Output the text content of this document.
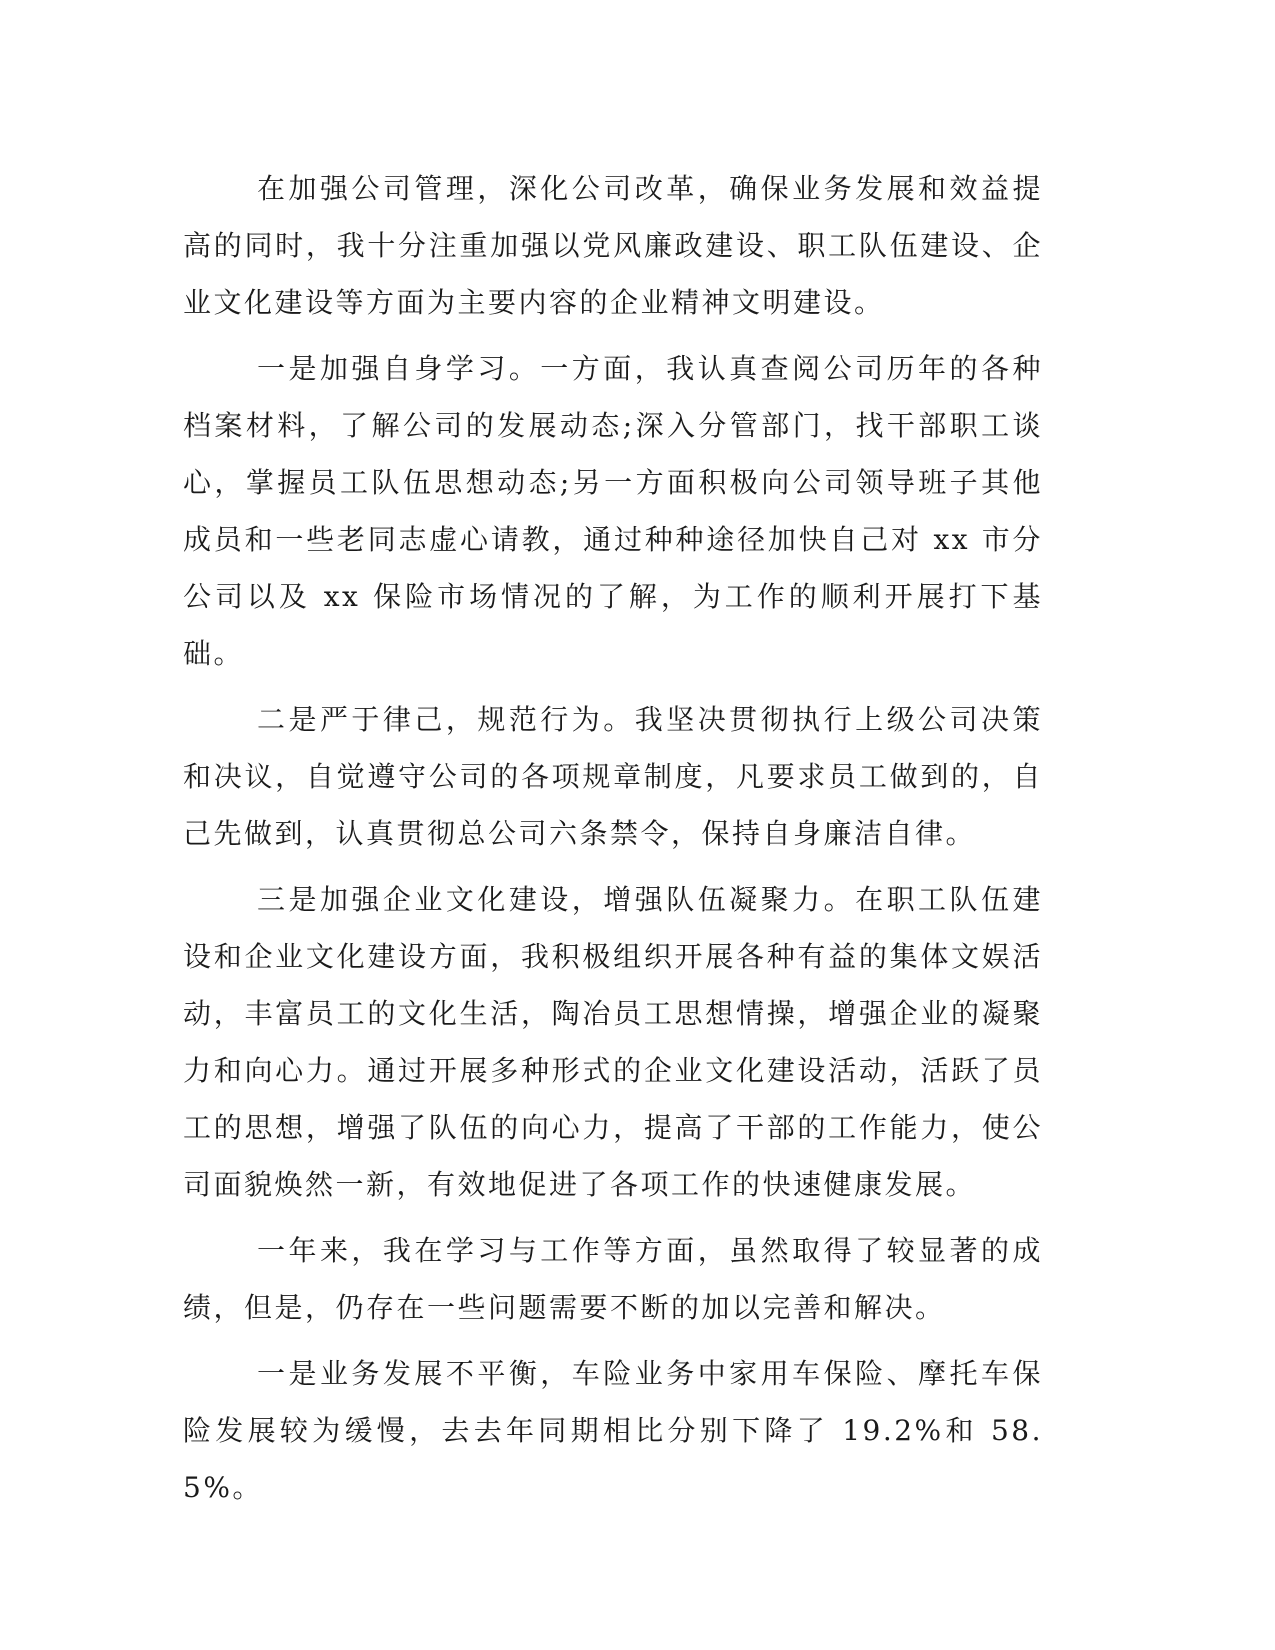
在加强公司管理，深化公司改革，确保业务发展和效益提高的同时，我十分注重加强以党风廉政建设、职工队伍建设、企业文化建设等方面为主要内容的企业精神文明建设。

一是加强自身学习。一方面，我认真查阅公司历年的各种档案材料，了解公司的发展动态;深入分管部门，找干部职工谈心，掌握员工队伍思想动态;另一方面积极向公司领导班子其他成员和一些老同志虚心请教，通过种种途径加快自己对 xx 市分公司以及 xx 保险市场情况的了解，为工作的顺利开展打下基础。

二是严于律己，规范行为。我坚决贯彻执行上级公司决策和决议，自觉遵守公司的各项规章制度，凡要求员工做到的，自己先做到，认真贯彻总公司六条禁令，保持自身廉洁自律。

三是加强企业文化建设，增强队伍凝聚力。在职工队伍建设和企业文化建设方面，我积极组织开展各种有益的集体文娱活动，丰富员工的文化生活，陶冶员工思想情操，增强企业的凝聚力和向心力。通过开展多种形式的企业文化建设活动，活跃了员工的思想，增强了队伍的向心力，提高了干部的工作能力，使公司面貌焕然一新，有效地促进了各项工作的快速健康发展。

一年来，我在学习与工作等方面，虽然取得了较显著的成绩，但是，仍存在一些问题需要不断的加以完善和解决。

一是业务发展不平衡，车险业务中家用车保险、摩托车保险发展较为缓慢，去去年同期相比分别下降了 19.2%和 58.5%。
